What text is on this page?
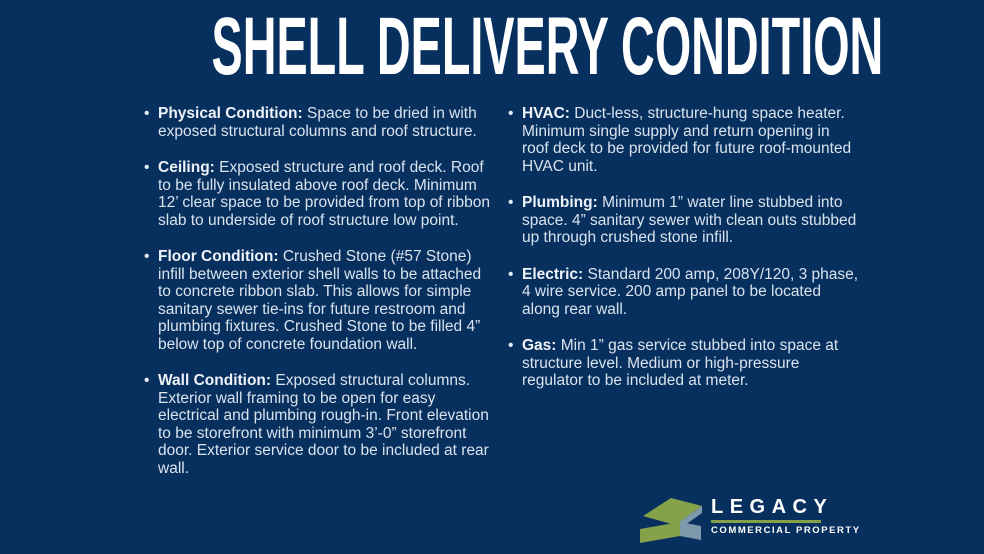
SHELL DELIVERY CONDITION
• Physical Condition: Space to be dried in with exposed structural columns and roof structure.

• Ceiling: Exposed structure and roof deck. Roof to be fully insulated above roof deck. Minimum 12’ clear space to be provided from top of ribbon slab to underside of roof structure low point.

• Floor Condition: Crushed Stone (#57 Stone) infill between exterior shell walls to be attached to concrete ribbon slab. This allows for simple sanitary sewer tie-ins for future restroom and plumbing fixtures. Crushed Stone to be filled 4” below top of concrete foundation wall.

• Wall Condition: Exposed structural columns. Exterior wall framing to be open for easy electrical and plumbing rough-in. Front elevation to be storefront with minimum 3’-0” storefront door. Exterior service door to be included at rear wall.

• HVAC: Duct-less, structure-hung space heater. Minimum single supply and return opening in roof deck to be provided for future roof-mounted HVAC unit.

• Plumbing: Minimum 1” water line stubbed into space. 4” sanitary sewer with clean outs stubbed up through crushed stone infill.

• Electric: Standard 200 amp, 208Y/120, 3 phase, 4 wire service. 200 amp panel to be located along rear wall.

• Gas: Min 1” gas service stubbed into space at structure level. Medium or high-pressure regulator to be included at meter.

LEGACY
COMMERCIAL PROPERTY
